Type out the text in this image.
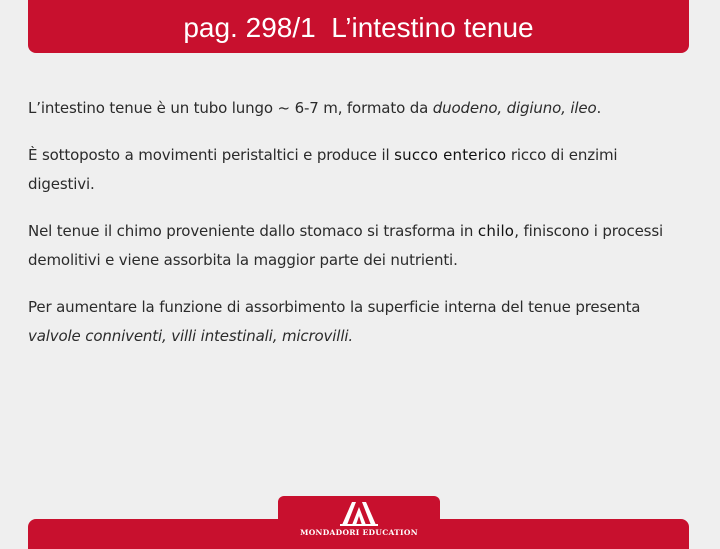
pag. 298/1  L’intestino tenue

L’intestino tenue è un tubo lungo ~ 6-7 m, formato da duodeno, digiuno, ileo.

È sottoposto a movimenti peristaltici e produce il succo enterico ricco di enzimi digestivi.

Nel tenue il chimo proveniente dallo stomaco si trasforma in chilo, finiscono i processi demolitivi e viene assorbita la maggior parte dei nutrienti.

Per aumentare la funzione di assorbimento la superficie interna del tenue presenta valvole conniventi, villi intestinali, microvilli.

MONDADORI EDUCATION
